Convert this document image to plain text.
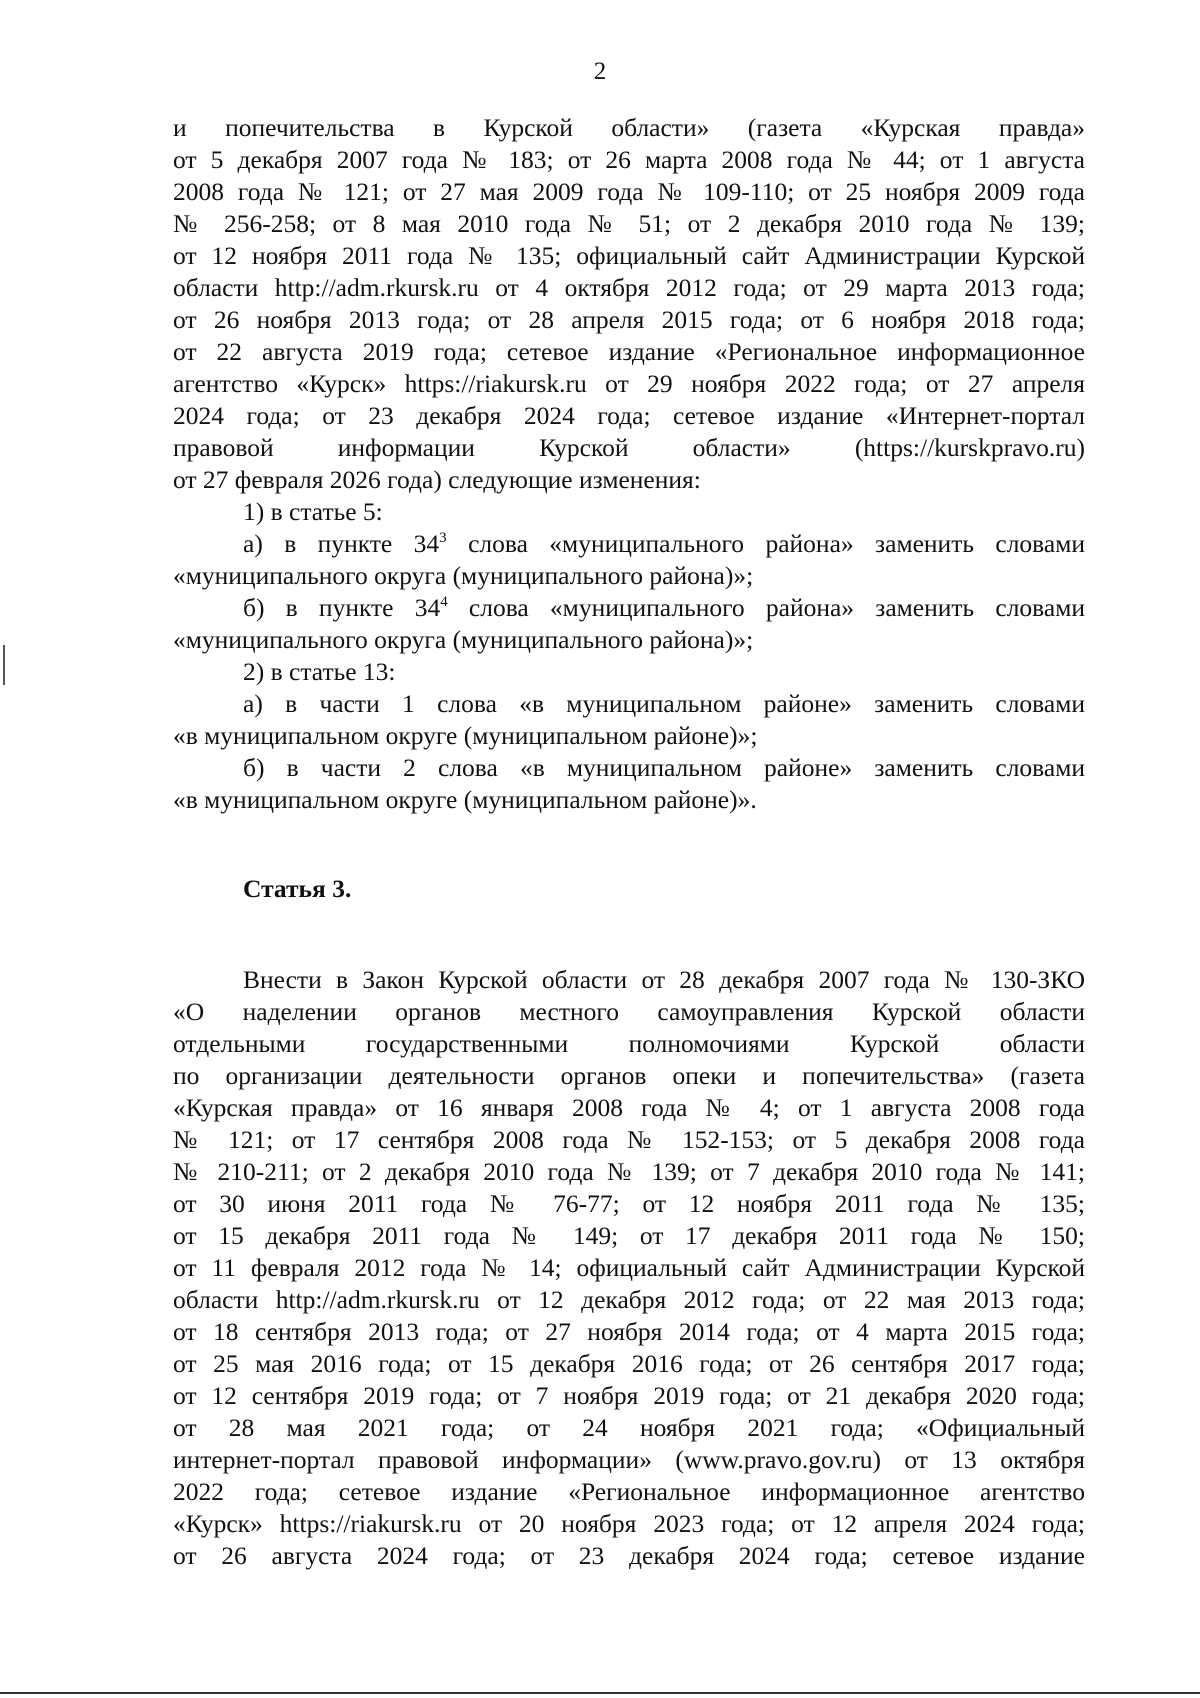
2
и попечительства в Курской области» (газета «Курская правда»
от 5 декабря 2007 года № 183; от 26 марта 2008 года № 44; от 1 августа
2008 года № 121; от 27 мая 2009 года № 109-110; от 25 ноября 2009 года
№ 256-258; от 8 мая 2010 года № 51; от 2 декабря 2010 года № 139;
от 12 ноября 2011 года № 135; официальный сайт Администрации Курской
области http://adm.rkursk.ru от 4 октября 2012 года; от 29 марта 2013 года;
от 26 ноября 2013 года; от 28 апреля 2015 года; от 6 ноября 2018 года;
от 22 августа 2019 года; сетевое издание «Региональное информационное
агентство «Курск» https://riakursk.ru от 29 ноября 2022 года; от 27 апреля
2024 года; от 23 декабря 2024 года; сетевое издание «Интернет-портал
правовой информации Курской области» (https://kurskpravo.ru)
от 27 февраля 2026 года) следующие изменения:
1) в статье 5:
а) в пункте $34^3$ слова «муниципального района» заменить словами
«муниципального округа (муниципального района)»;
б) в пункте $34^4$ слова «муниципального района» заменить словами
«муниципального округа (муниципального района)»;
2) в статье 13:
а) в части 1 слова «в муниципальном районе» заменить словами
«в муниципальном округе (муниципальном районе)»;
б) в части 2 слова «в муниципальном районе» заменить словами
«в муниципальном округе (муниципальном районе)».
Статья 3.
Внести в Закон Курской области от 28 декабря 2007 года № 130-ЗКО
«О наделении органов местного самоуправления Курской области
отдельными государственными полномочиями Курской области
по организации деятельности органов опеки и попечительства» (газета
«Курская правда» от 16 января 2008 года № 4; от 1 августа 2008 года
№ 121; от 17 сентября 2008 года № 152-153; от 5 декабря 2008 года
№ 210-211; от 2 декабря 2010 года № 139; от 7 декабря 2010 года № 141;
от 30 июня 2011 года № 76-77; от 12 ноября 2011 года № 135;
от 15 декабря 2011 года № 149; от 17 декабря 2011 года № 150;
от 11 февраля 2012 года № 14; официальный сайт Администрации Курской
области http://adm.rkursk.ru от 12 декабря 2012 года; от 22 мая 2013 года;
от 18 сентября 2013 года; от 27 ноября 2014 года; от 4 марта 2015 года;
от 25 мая 2016 года; от 15 декабря 2016 года; от 26 сентября 2017 года;
от 12 сентября 2019 года; от 7 ноября 2019 года; от 21 декабря 2020 года;
от 28 мая 2021 года; от 24 ноября 2021 года; «Официальный
интернет-портал правовой информации» (www.pravo.gov.ru) от 13 октября
2022 года; сетевое издание «Региональное информационное агентство
«Курск» https://riakursk.ru от 20 ноября 2023 года; от 12 апреля 2024 года;
от 26 августа 2024 года; от 23 декабря 2024 года; сетевое издание
